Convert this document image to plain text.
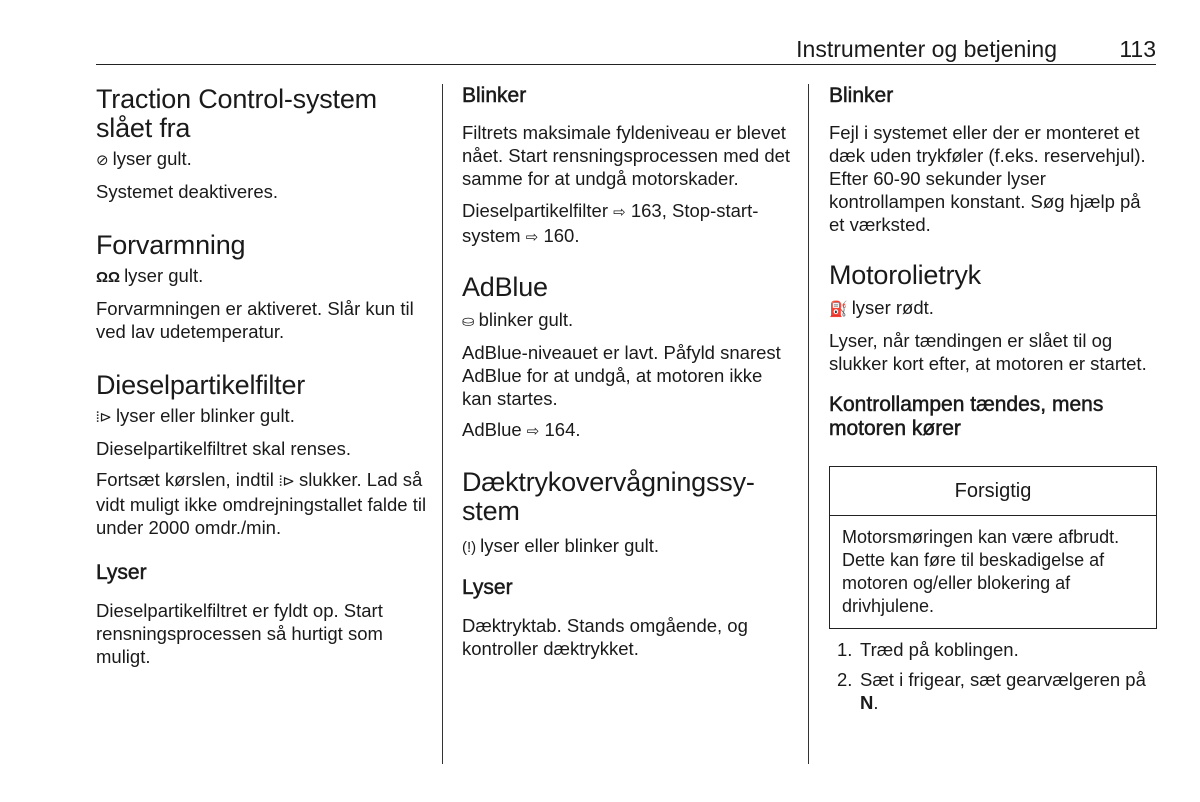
Instrumenter og betjening	113
Traction Control-system slået fra

⊘ lyser gult.

Systemet deaktiveres.

Forvarmning

ΩΩ lyser gult.

Forvarmningen er aktiveret. Slår kun til ved lav udetemperatur.

Dieselpartikelfilter

⦙⊳ lyser eller blinker gult.

Dieselpartikelfiltret skal renses.

Fortsæt kørslen, indtil ⦙⊳ slukker. Lad så vidt muligt ikke omdrejningstallet falde til under 2000 omdr./min.

Lyser

Dieselpartikelfiltret er fyldt op. Start rensningsprocessen så hurtigt som muligt.

Blinker

Filtrets maksimale fyldeniveau er blevet nået. Start rensningsprocessen med det samme for at undgå motorskader.

Dieselpartikelfilter ⇨ 163, Stop-start-system ⇨ 160.

AdBlue

⛀ blinker gult.

AdBlue-niveauet er lavt. Påfyld snarest AdBlue for at undgå, at motoren ikke kan startes.

AdBlue ⇨ 164.

Dæktrykovervågningssy-
stem

(!) lyser eller blinker gult.

Lyser

Dæktryktab. Stands omgående, og kontroller dæktrykket.

Blinker

Fejl i systemet eller der er monteret et dæk uden trykføler (f.eks. reservehjul). Efter 60-90 sekunder lyser kontrollampen konstant. Søg hjælp på et værksted.

Motorolietryk

⛽ lyser rødt.

Lyser, når tændingen er slået til og slukker kort efter, at motoren er startet.

Kontrollampen tændes, mens motoren kører
Forsigtig
Motorsmøringen kan være afbrudt. Dette kan føre til beskadigelse af motoren og/eller blokering af drivhjulene.
1. Træd på koblingen.
2. Sæt i frigear, sæt gearvælgeren på N.
